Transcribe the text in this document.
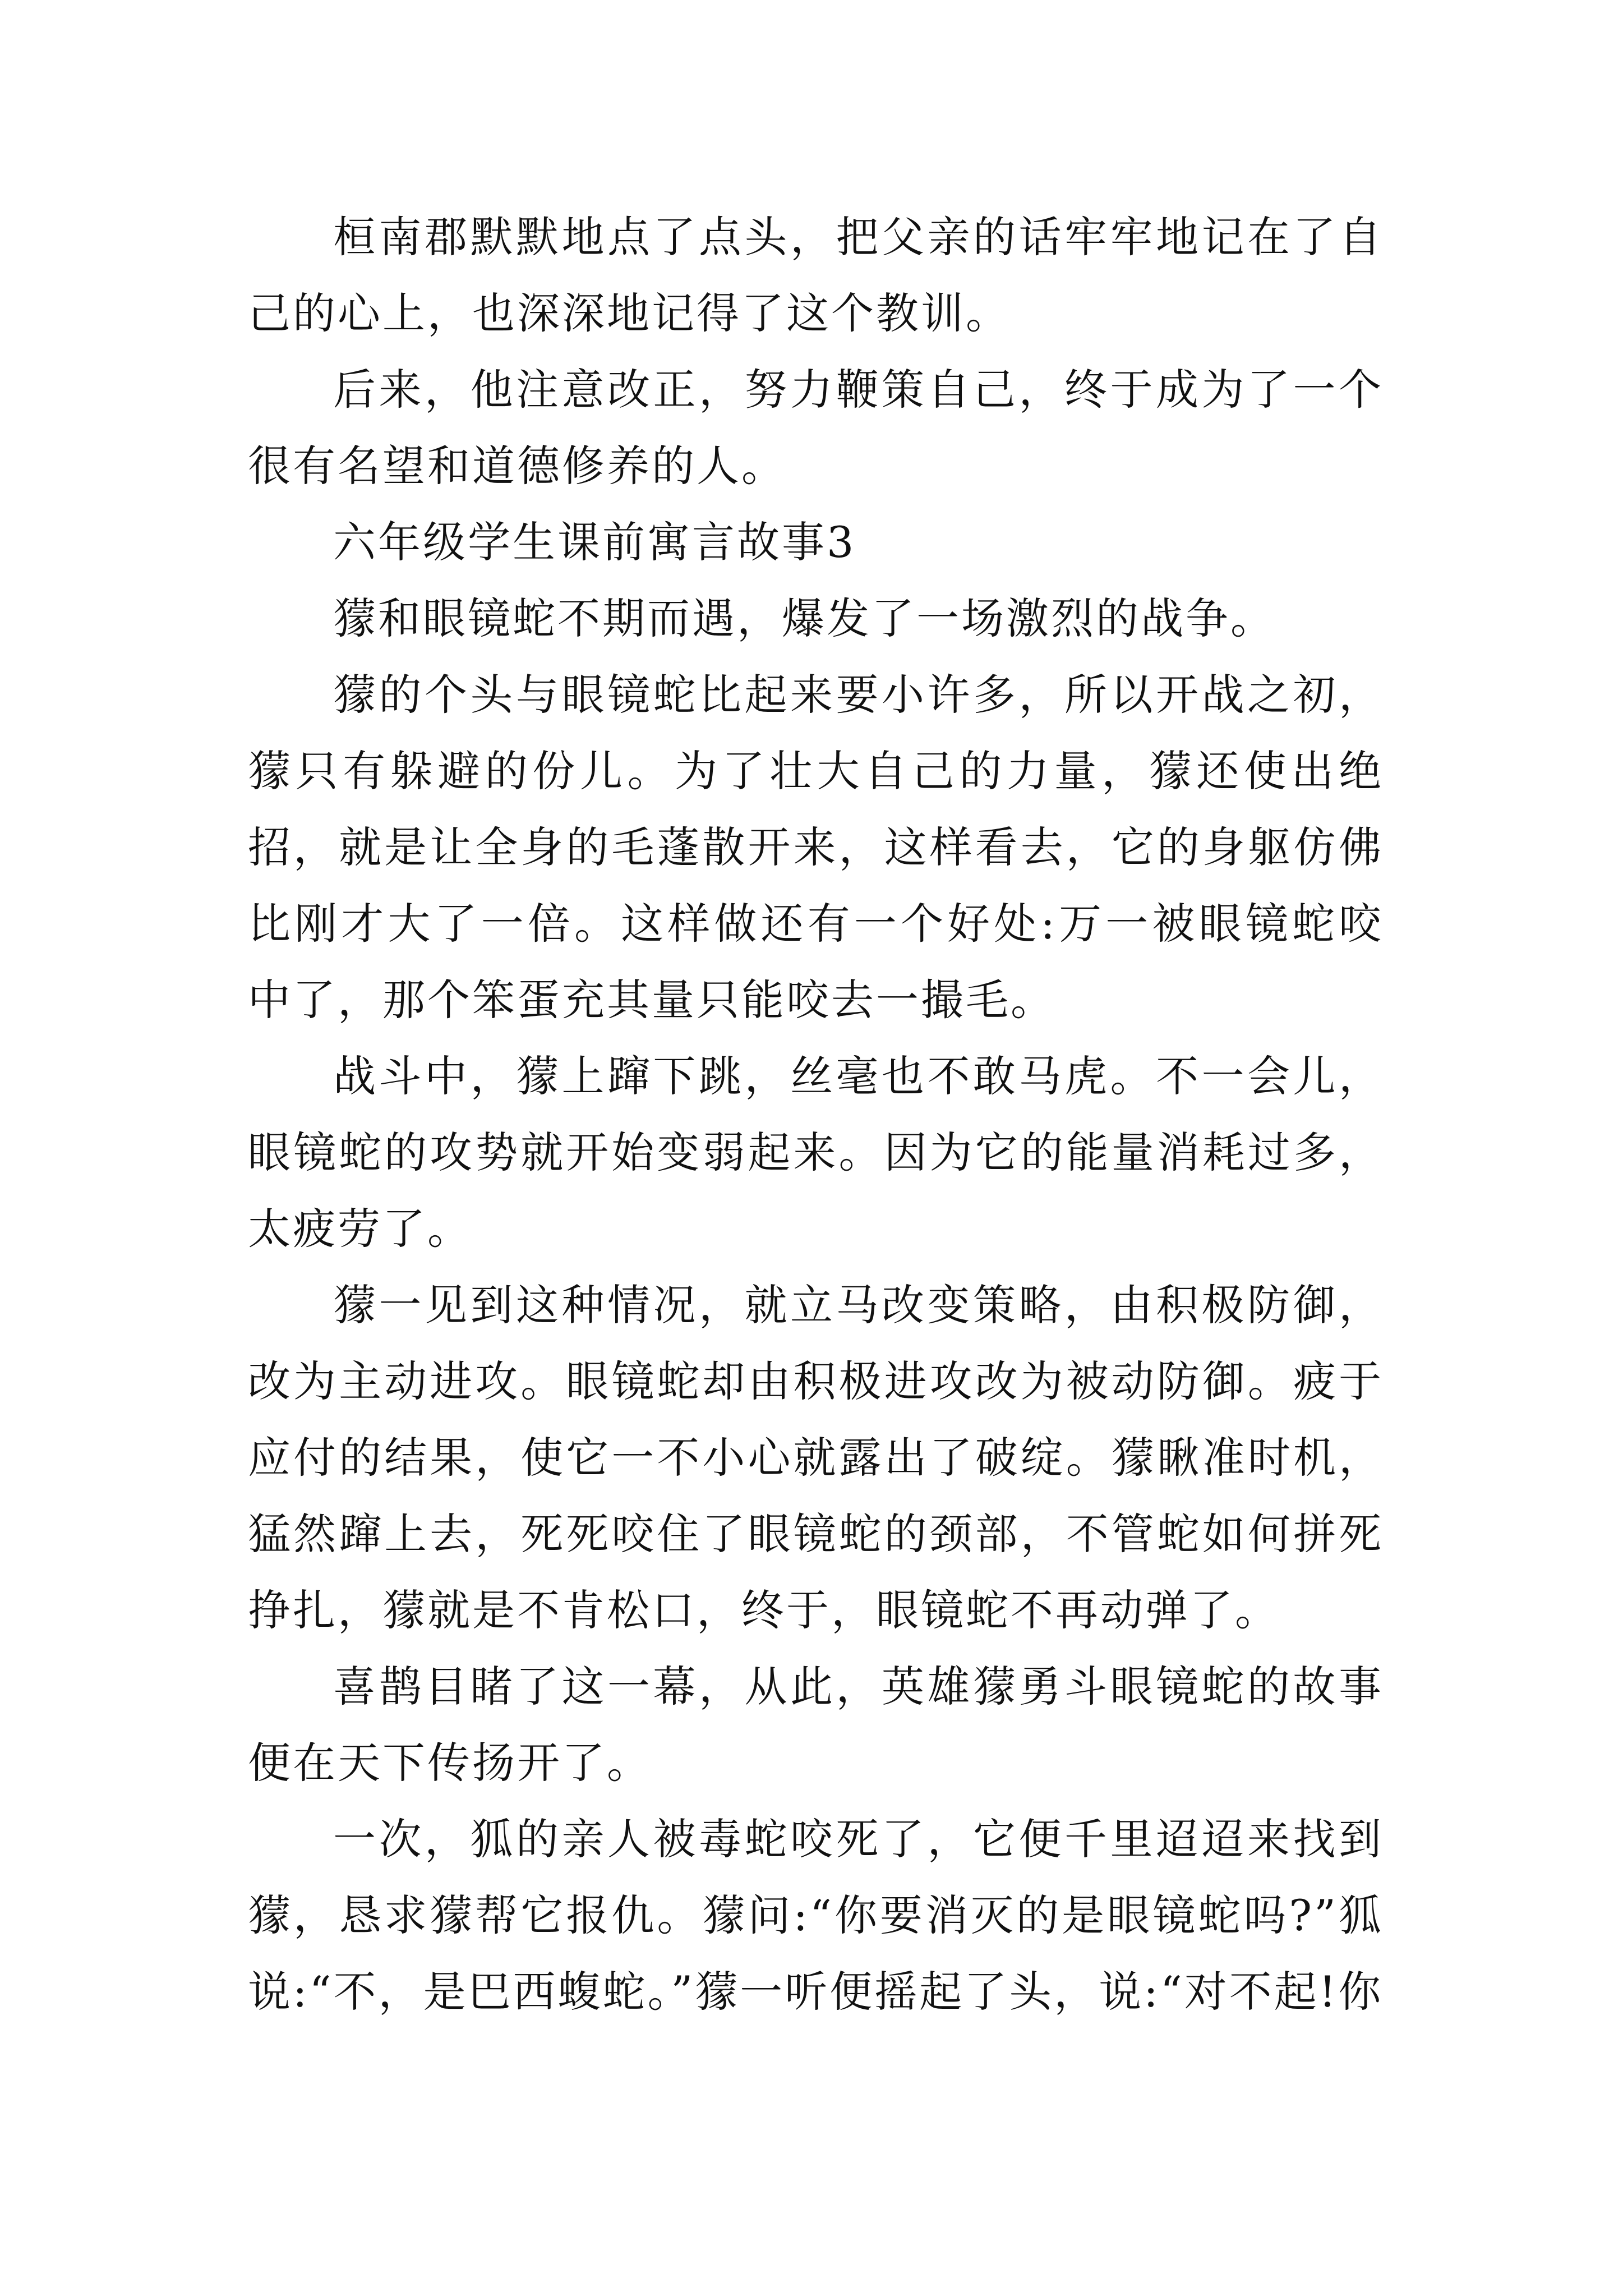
桓南郡默默地点了点头，把父亲的话牢牢地记在了自己的心上，也深深地记得了这个教训。

后来，他注意改正，努力鞭策自己，终于成为了一个很有名望和道德修养的人。

六年级学生课前寓言故事3

獴和眼镜蛇不期而遇，爆发了一场激烈的战争。

獴的个头与眼镜蛇比起来要小许多，所以开战之初，獴只有躲避的份儿。为了壮大自己的力量，獴还使出绝招，就是让全身的毛蓬散开来，这样看去，它的身躯仿佛比刚才大了一倍。这样做还有一个好处:万一被眼镜蛇咬中了，那个笨蛋充其量只能咬去一撮毛。

战斗中，獴上蹿下跳，丝毫也不敢马虎。不一会儿，眼镜蛇的攻势就开始变弱起来。因为它的能量消耗过多，太疲劳了。

獴一见到这种情况，就立马改变策略，由积极防御，改为主动进攻。眼镜蛇却由积极进攻改为被动防御。疲于应付的结果，使它一不小心就露出了破绽。獴瞅准时机，猛然蹿上去，死死咬住了眼镜蛇的颈部，不管蛇如何拼死挣扎，獴就是不肯松口，终于，眼镜蛇不再动弹了。

喜鹊目睹了这一幕，从此，英雄獴勇斗眼镜蛇的故事便在天下传扬开了。

一次，狐的亲人被毒蛇咬死了，它便千里迢迢来找到獴，恳求獴帮它报仇。獴问:“你要消灭的是眼镜蛇吗?”狐说:“不，是巴西蝮蛇。”獴一听便摇起了头，说:“对不起!你
